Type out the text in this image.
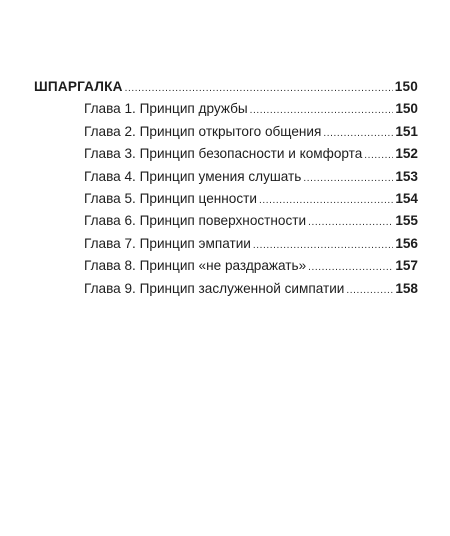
ШПАРГАЛКА .....	150
Глава 1. Принцип дружбы .....	150
Глава 2. Принцип открытого общения .....	151
Глава 3. Принцип безопасности и комфорта ..... 152
Глава 4. Принцип умения слушать .....	153
Глава 5. Принцип ценности .....	154
Глава 6. Принцип поверхностности .....	155
Глава 7. Принцип эмпатии .....	156
Глава 8. Принцип «не раздражать» .....	157
Глава 9. Принцип заслуженной симпатии .....	158
